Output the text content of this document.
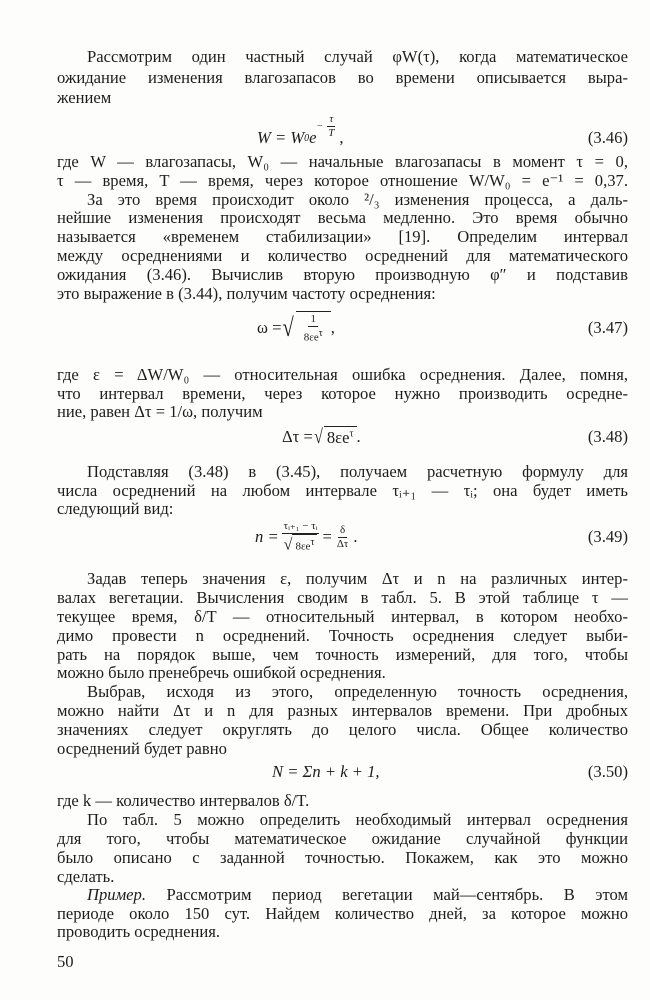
Рассмотрим один частный случай φW(τ), когда математическое
ожидание изменения влагозапасов во времени описывается выра-
жением
W = W 0 e
− $\frac{\tau}{T}$ ,	(3.46)
где W — влагозапасы, W₀ — начальные влагозапасы в момент τ = 0,
τ — время, T — время, через которое отношение W/W₀ = e⁻¹ = 0,37.
За это время происходит около ²/₃ изменения процесса, а даль-
нейшие изменения происходят весьма медленно. Это время обычно
называется «временем стабилизации» [19]. Определим интервал
между осреднениями и количество осреднений для математического
ожидания (3.46). Вычислив вторую производную φ″ и подставив
это выражение в (3.44), получим частоту осреднения:
ω = √ $\frac{1}{\text{8εeτ}}$ ,	(3.47)
где ε = ΔW/W₀ — относительная ошибка осреднения. Далее, помня,
что интервал времени, через которое нужно производить осредне-
ние, равен Δτ = 1/ω, получим
Δτ = √ $8\varepsilon e^\tau$ .	(3.48)
Подставляя (3.48) в (3.45), получаем расчетную формулу для
числа осреднений на любом интервале τᵢ₊₁ — τᵢ; она будет иметь
следующий вид:
$n = \frac{\text{τᵢ₊₁ − τᵢ}}{\text{√ 8εeτ}} = \frac{\delta}{\Delta\tau}$ .	(3.49)
Задав теперь значения ε, получим Δτ и n на различных интер-
валах вегетации. Вычисления сводим в табл. 5. В этой таблице τ —
текущее время, δ/T — относительный интервал, в котором необхо-
димо провести n осреднений. Точность осреднения следует выби-
рать на порядок выше, чем точность измерений, для того, чтобы
можно было пренебречь ошибкой осреднения.
Выбрав, исходя из этого, определенную точность осреднения,
можно найти Δτ и n для разных интервалов времени. При дробных
значениях следует округлять до целого числа. Общее количество
осреднений будет равно
N = Σn + k + 1,	(3.50)
где k — количество интервалов δ/T.
По табл. 5 можно определить необходимый интервал осреднения
для того, чтобы математическое ожидание случайной функции
было описано с заданной точностью. Покажем, как это можно
сделать.
Пример. Рассмотрим период вегетации май—сентябрь. В этом
периоде около 150 сут. Найдем количество дней, за которое можно
проводить осреднения.
50
